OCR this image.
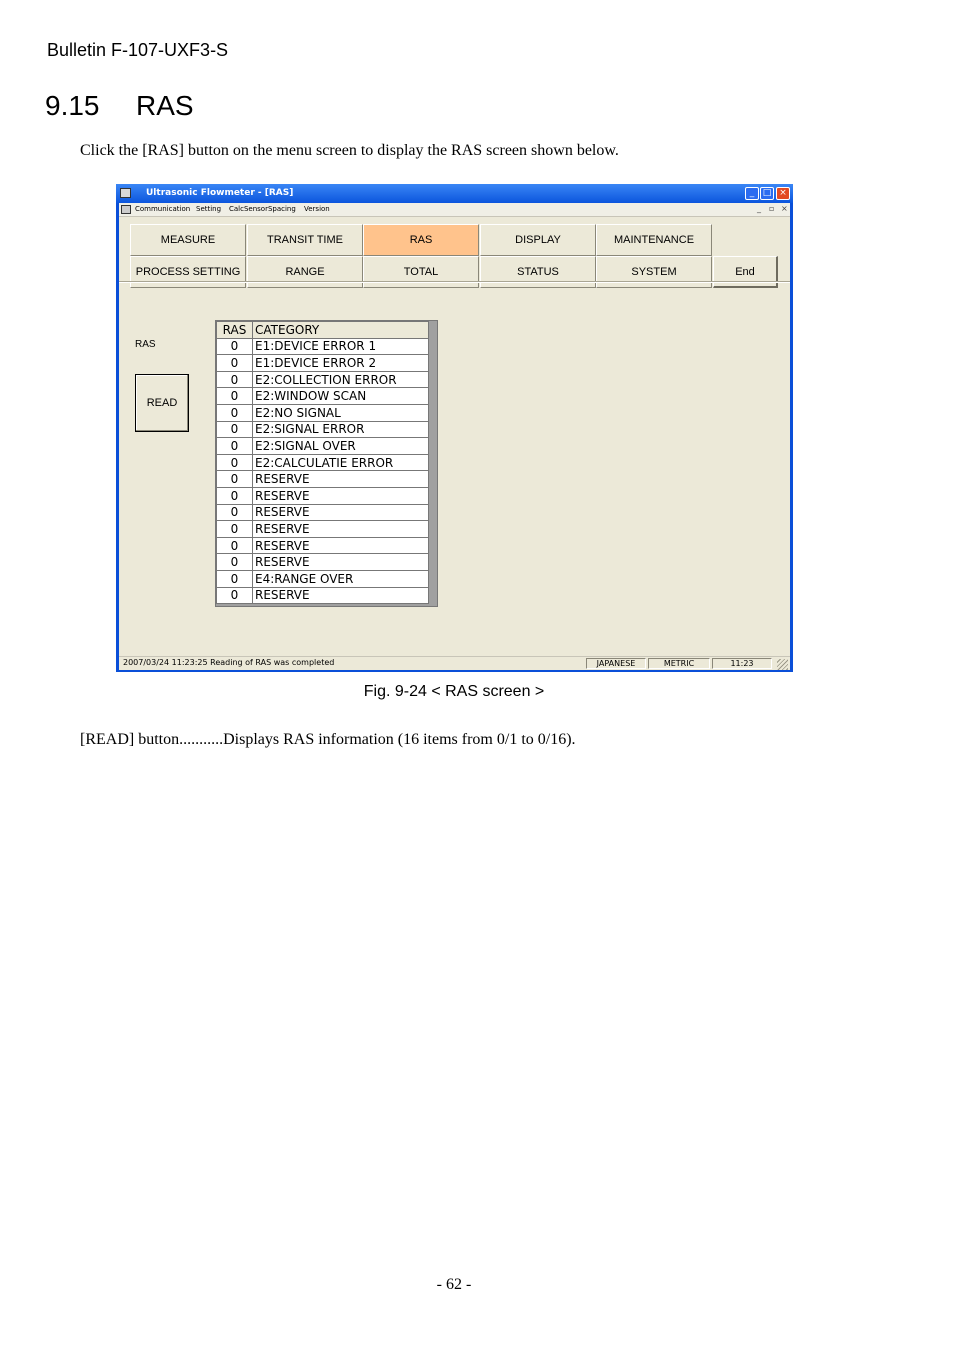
Bulletin F-107-UXF3-S
9.15 RAS
Click the [RAS] button on the menu screen to display the RAS screen shown below.
Ultrasonic Flowmeter - [RAS]	_ □ ×
Communication Setting CalcSensorSpacing Version	_ ▫ ×
MEASURE	TRANSIT TIME	RAS	DISPLAY	MAINTENANCE
PROCESS SETTING	RANGE	TOTAL	STATUS	SYSTEM	End
RAS
READ
RAS	CATEGORY
0	E1:DEVICE ERROR 1
0	E1:DEVICE ERROR 2
0	E2:COLLECTION ERROR
0	E2:WINDOW SCAN
0	E2:NO SIGNAL
0	E2:SIGNAL ERROR
0	E2:SIGNAL OVER
0	E2:CALCULATIE ERROR
0	RESERVE
0	RESERVE
0	RESERVE
0	RESERVE
0	RESERVE
0	RESERVE
0	E4:RANGE OVER
0	RESERVE
2007/03/24 11:23:25 Reading of RAS was completed	JAPANESE	METRIC	11:23
Fig. 9-24 < RAS screen >
[READ] button...........Displays RAS information (16 items from 0/1 to 0/16).
- 62 -
